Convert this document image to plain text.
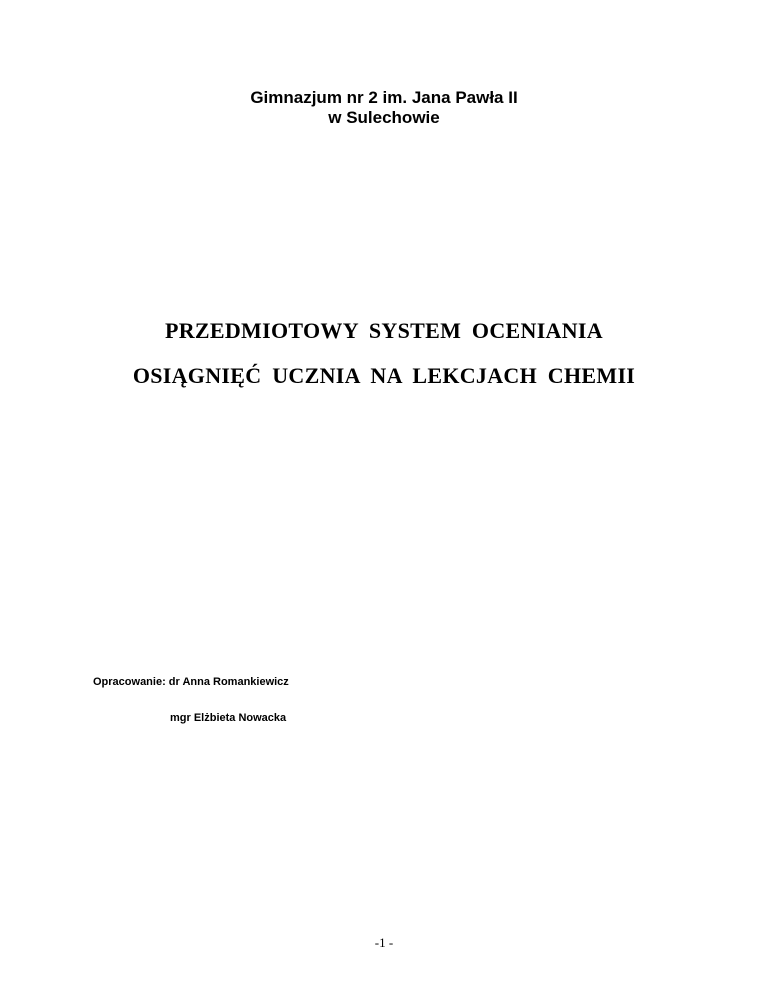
Gimnazjum nr 2 im. Jana Pawła II
w Sulechowie
PRZEDMIOTOWY SYSTEM OCENIANIA
OSIĄGNIĘĆ UCZNIA NA LEKCJACH CHEMII
Opracowanie: dr Anna Romankiewicz
mgr Elżbieta Nowacka
-1 -
